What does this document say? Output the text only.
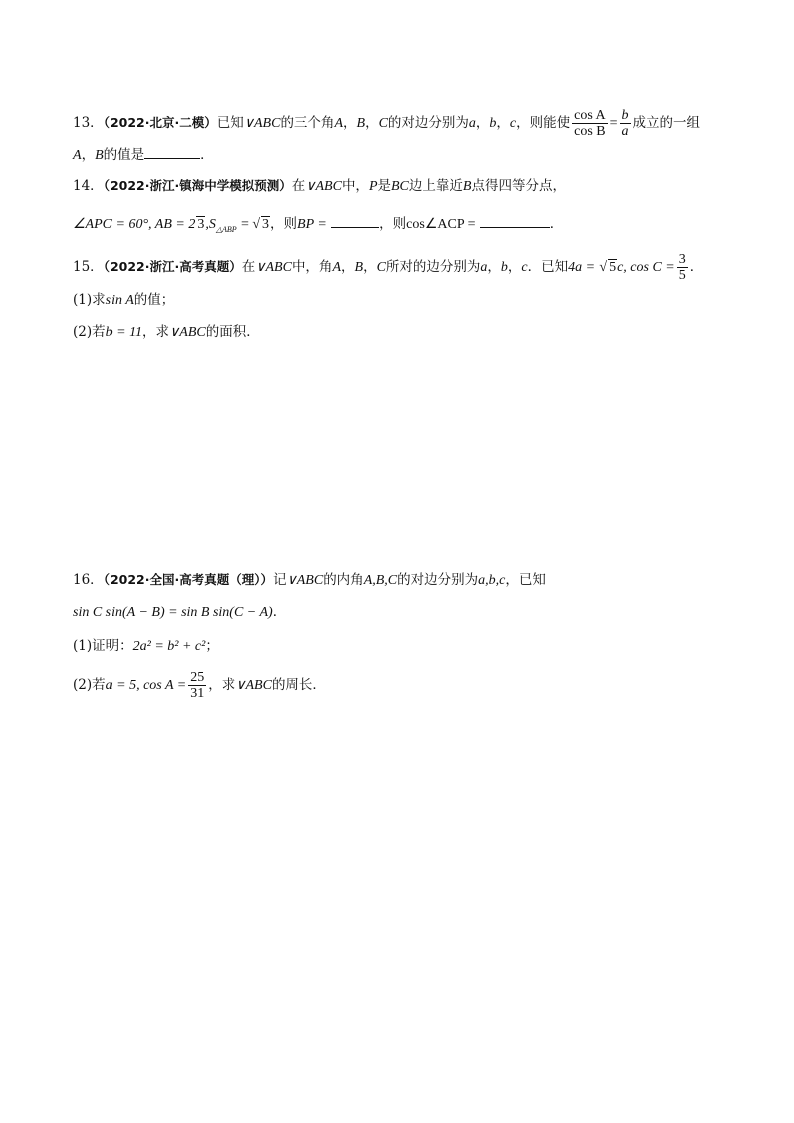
13．（2022·北京·二模）已知∨ABC的三个角A，B，C的对边分别为a，b，c，则能使 $\frac{\text{cos A}}{\text{cos B}} = \frac{b}{a}$ 成立的一组
A，B的值是	．
14．（2022·浙江·镇海中学模拟预测）在∨ABC中，P是BC边上靠近B点得四等分点，
∠APC = 60°, AB = 2 $3,S_{\triangle ABP}$ = √ 3，则BP =	，则cos∠ACP =	．
15．（2022·浙江·高考真题）在∨ABC中，角A，B，C所对的边分别为a，b，c．已知4a = √ 5c, $\cos C = \frac{3}{5}$ ．
(1)求sin A的值；
(2)若b = 11，求∨ABC的面积．
16．（2022·全国·高考真题（理））记∨ABC的内角A,B,C的对边分别为a,b,c，已知
sin C sin(A − B) = sin B sin(C − A)．
(1)证明：2a² = b² + c²；
(2)若a = 5, $\cos A = \frac{25}{31}$ ，求∨ABC的周长．
